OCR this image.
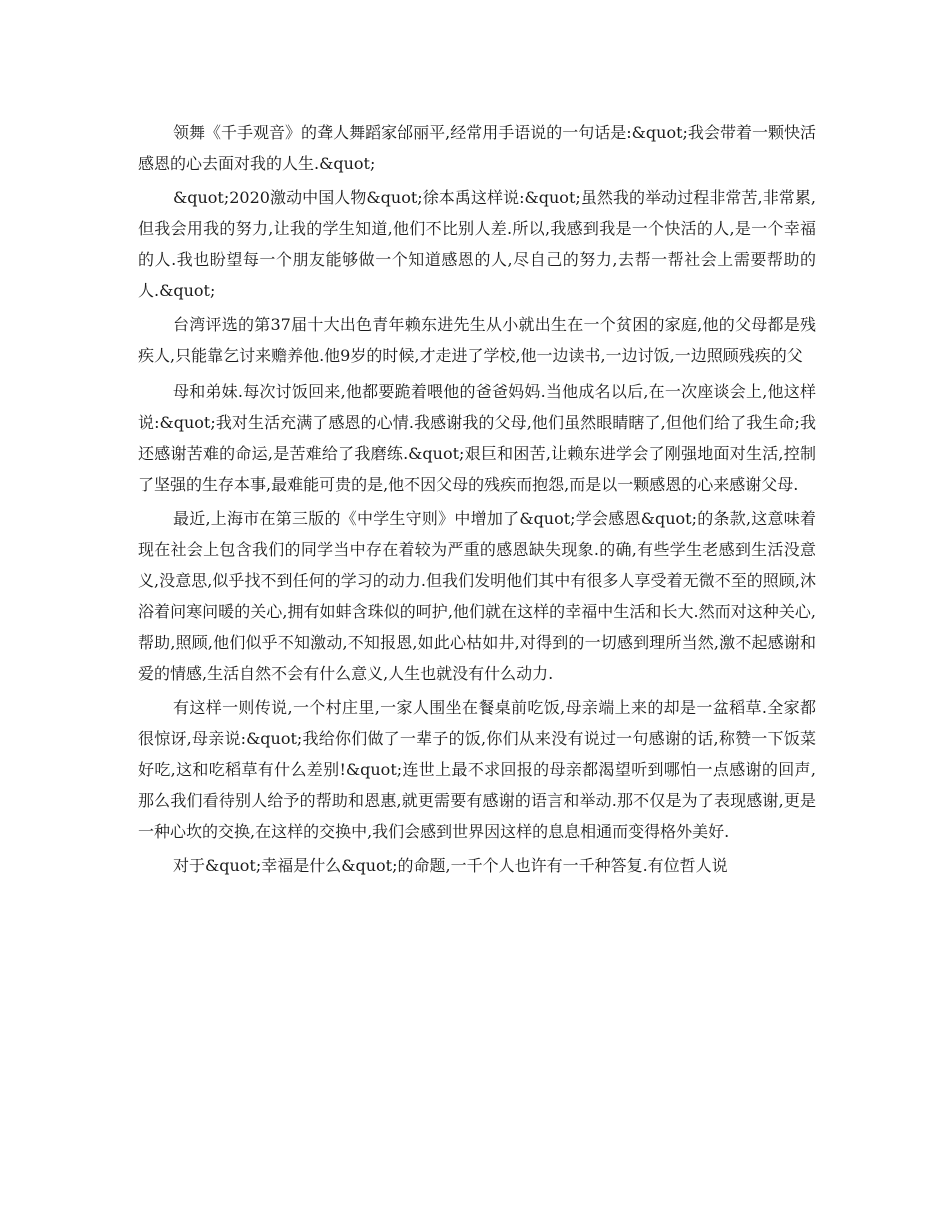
领舞《千手观音》的聋人舞蹈家邰丽平,经常用手语说的一句话是:&quot;我会带着一颗快活感恩的心去面对我的人生.&quot;

&quot;2020激动中国人物&quot;徐本禹这样说:&quot;虽然我的举动过程非常苦,非常累,但我会用我的努力,让我的学生知道,他们不比别人差.所以,我感到我是一个快活的人,是一个幸福的人.我也盼望每一个朋友能够做一个知道感恩的人,尽自己的努力,去帮一帮社会上需要帮助的人.&quot;

台湾评选的第37届十大出色青年赖东进先生从小就出生在一个贫困的家庭,他的父母都是残疾人,只能靠乞讨来赡养他.他9岁的时候,才走进了学校,他一边读书,一边讨饭,一边照顾残疾的父

母和弟妹.每次讨饭回来,他都要跪着喂他的爸爸妈妈.当他成名以后,在一次座谈会上,他这样说:&quot;我对生活充满了感恩的心情.我感谢我的父母,他们虽然眼睛瞎了,但他们给了我生命;我还感谢苦难的命运,是苦难给了我磨练.&quot;艰巨和困苦,让赖东进学会了刚强地面对生活,控制了坚强的生存本事,最难能可贵的是,他不因父母的残疾而抱怨,而是以一颗感恩的心来感谢父母.

最近,上海市在第三版的《中学生守则》中增加了&quot;学会感恩&quot;的条款,这意味着现在社会上包含我们的同学当中存在着较为严重的感恩缺失现象.的确,有些学生老感到生活没意义,没意思,似乎找不到任何的学习的动力.但我们发明他们其中有很多人享受着无微不至的照顾,沐浴着问寒问暖的关心,拥有如蚌含珠似的呵护,他们就在这样的幸福中生活和长大.然而对这种关心,帮助,照顾,他们似乎不知激动,不知报恩,如此心枯如井,对得到的一切感到理所当然,激不起感谢和爱的情感,生活自然不会有什么意义,人生也就没有什么动力.

有这样一则传说,一个村庄里,一家人围坐在餐桌前吃饭,母亲端上来的却是一盆稻草.全家都很惊讶,母亲说:&quot;我给你们做了一辈子的饭,你们从来没有说过一句感谢的话,称赞一下饭菜好吃,这和吃稻草有什么差别!&quot;连世上最不求回报的母亲都渴望听到哪怕一点感谢的回声,那么我们看待别人给予的帮助和恩惠,就更需要有感谢的语言和举动.那不仅是为了表现感谢,更是一种心坎的交换,在这样的交换中,我们会感到世界因这样的息息相通而变得格外美好.

对于&quot;幸福是什么&quot;的命题,一千个人也许有一千种答复.有位哲人说
